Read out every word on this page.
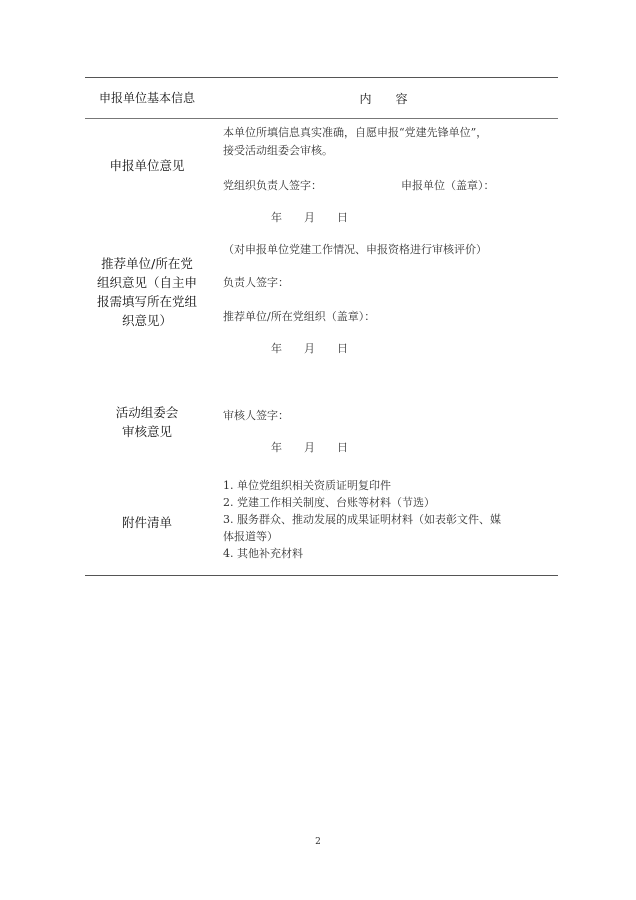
申报单位基本信息	内　　容
申报单位意见
本单位所填信息真实准确，自愿申报“党建先锋单位”，
接受活动组委会审核。
党组织负责人签字：	申报单位（盖章）：
年　　月　　日
推荐单位/所在党组织意见（自主申报需填写所在党组织意见）
（对申报单位党建工作情况、申报资格进行审核评价）
负责人签字：
推荐单位/所在党组织（盖章）：
年　　月　　日
活动组委会审核意见
审核人签字：
年　　月　　日
附件清单
1. 单位党组织相关资质证明复印件
2. 党建工作相关制度、台账等材料（节选）
3. 服务群众、推动发展的成果证明材料（如表彰文件、媒
体报道等）
4. 其他补充材料
2
